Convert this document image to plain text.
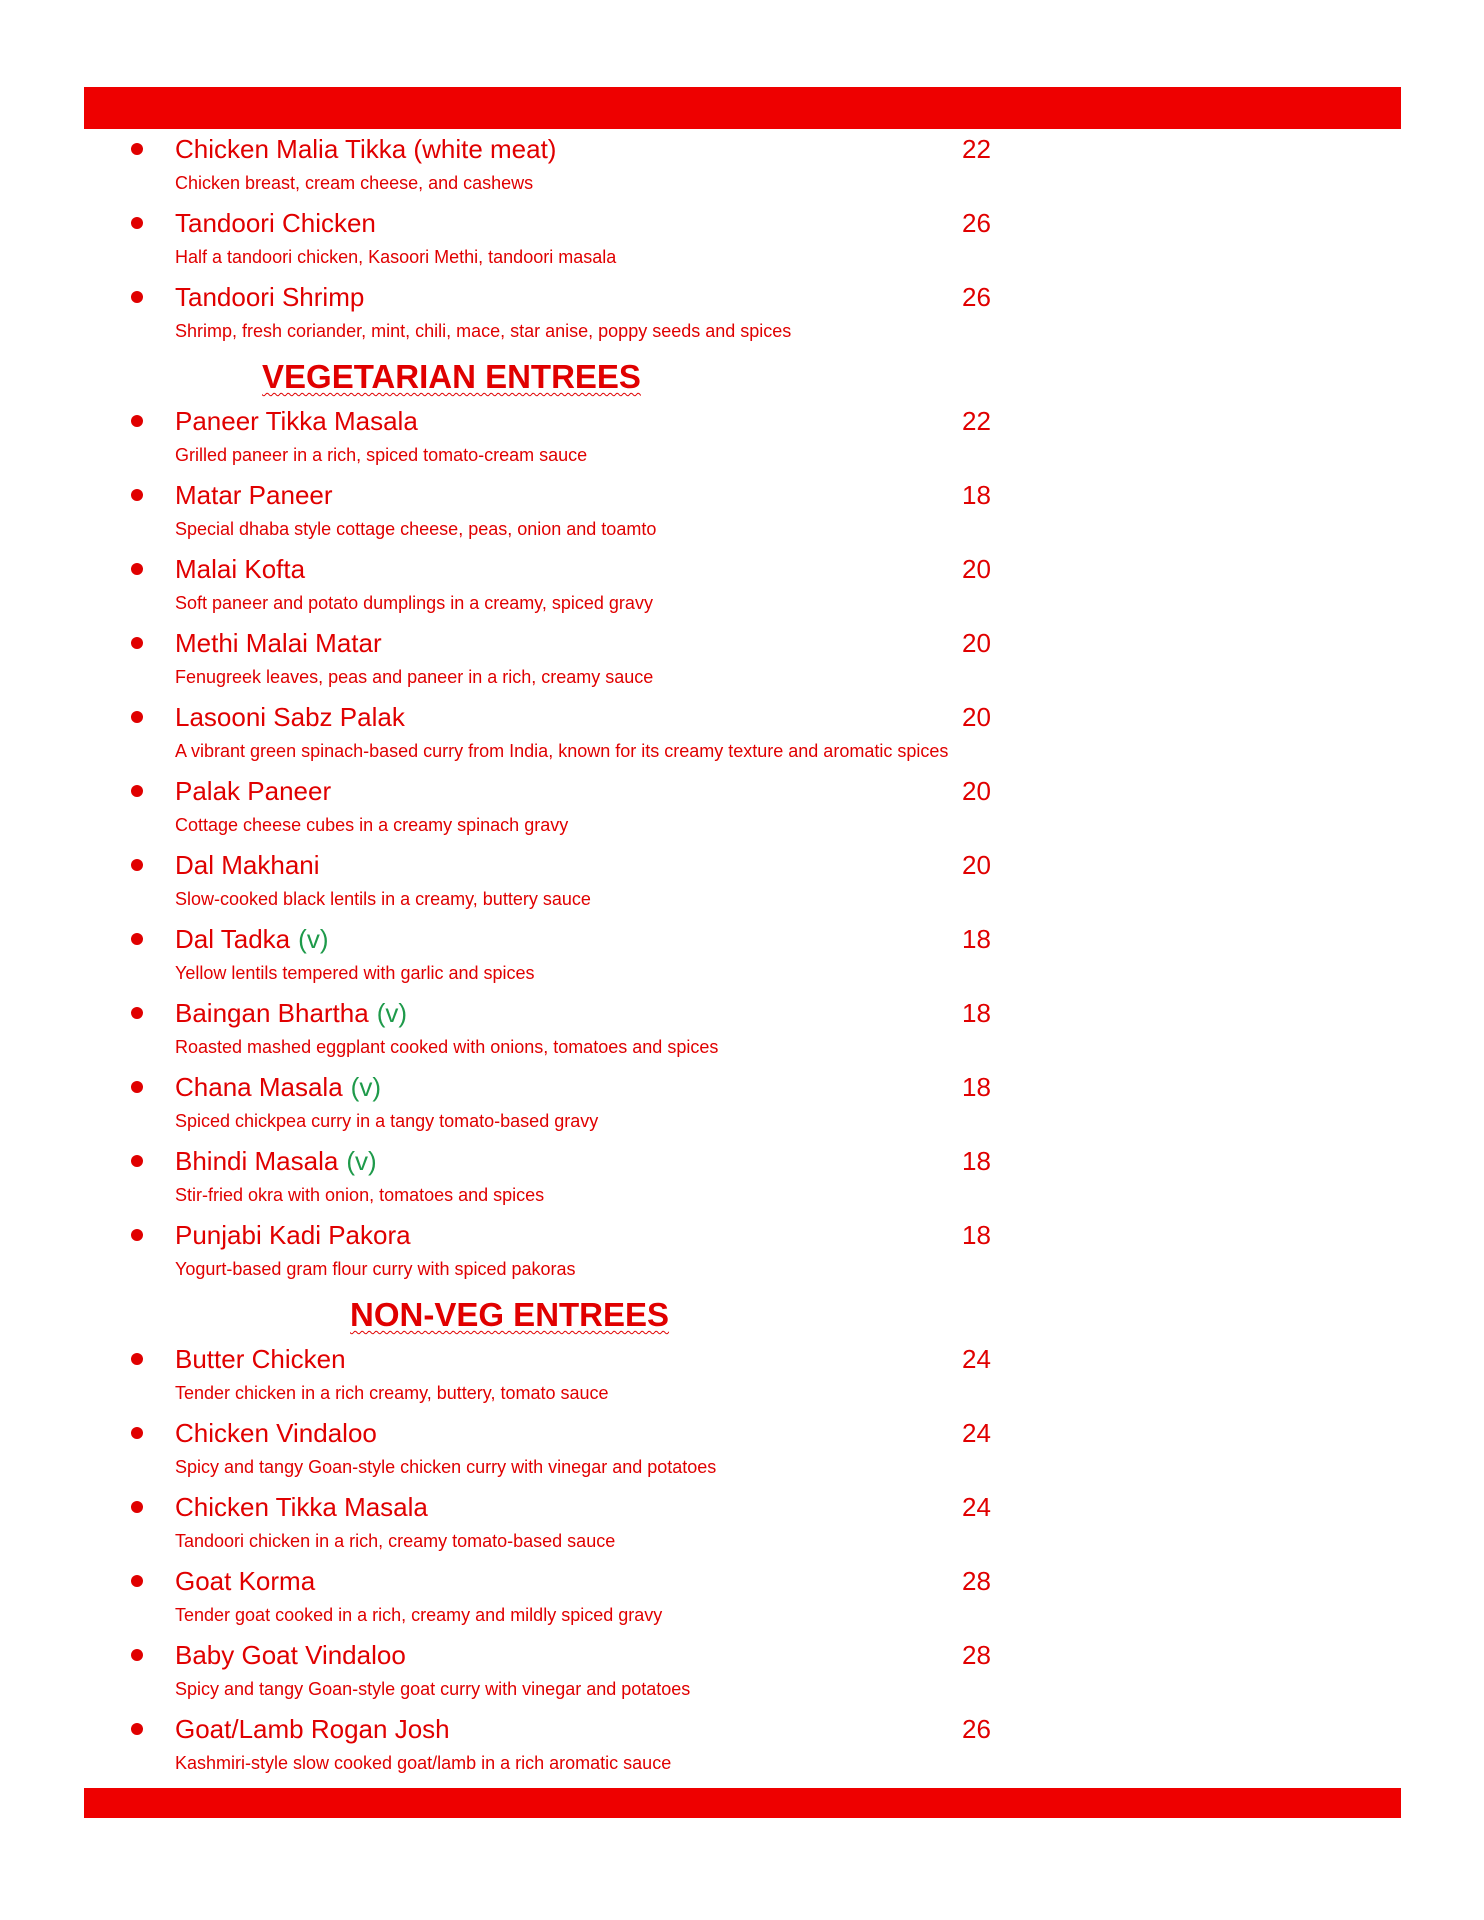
Chicken Malia Tikka (white meat)	22
Chicken breast, cream cheese, and cashews
Tandoori Chicken	26
Half a tandoori chicken, Kasoori Methi, tandoori masala
Tandoori Shrimp	26
Shrimp, fresh coriander, mint, chili, mace, star anise, poppy seeds and spices
VEGETARIAN ENTREES
Paneer Tikka Masala	22
Grilled paneer in a rich, spiced tomato-cream sauce
Matar Paneer	18
Special dhaba style cottage cheese, peas, onion and toamto
Malai Kofta	20
Soft paneer and potato dumplings in a creamy, spiced gravy
Methi Malai Matar	20
Fenugreek leaves, peas and paneer in a rich, creamy sauce
Lasooni Sabz Palak	20
A vibrant green spinach-based curry from India, known for its creamy texture and aromatic spices
Palak Paneer	20
Cottage cheese cubes in a creamy spinach gravy
Dal Makhani	20
Slow-cooked black lentils in a creamy, buttery sauce
Dal Tadka (v)	18
Yellow lentils tempered with garlic and spices
Baingan Bhartha (v)	18
Roasted mashed eggplant cooked with onions, tomatoes and spices
Chana Masala (v)	18
Spiced chickpea curry in a tangy tomato-based gravy
Bhindi Masala (v)	18
Stir-fried okra with onion, tomatoes and spices
Punjabi Kadi Pakora	18
Yogurt-based gram flour curry with spiced pakoras
NON-VEG ENTREES
Butter Chicken	24
Tender chicken in a rich creamy, buttery, tomato sauce
Chicken Vindaloo	24
Spicy and tangy Goan-style chicken curry with vinegar and potatoes
Chicken Tikka Masala	24
Tandoori chicken in a rich, creamy tomato-based sauce
Goat Korma	28
Tender goat cooked in a rich, creamy and mildly spiced gravy
Baby Goat Vindaloo	28
Spicy and tangy Goan-style goat curry with vinegar and potatoes
Goat/Lamb Rogan Josh	26
Kashmiri-style slow cooked goat/lamb in a rich aromatic sauce
